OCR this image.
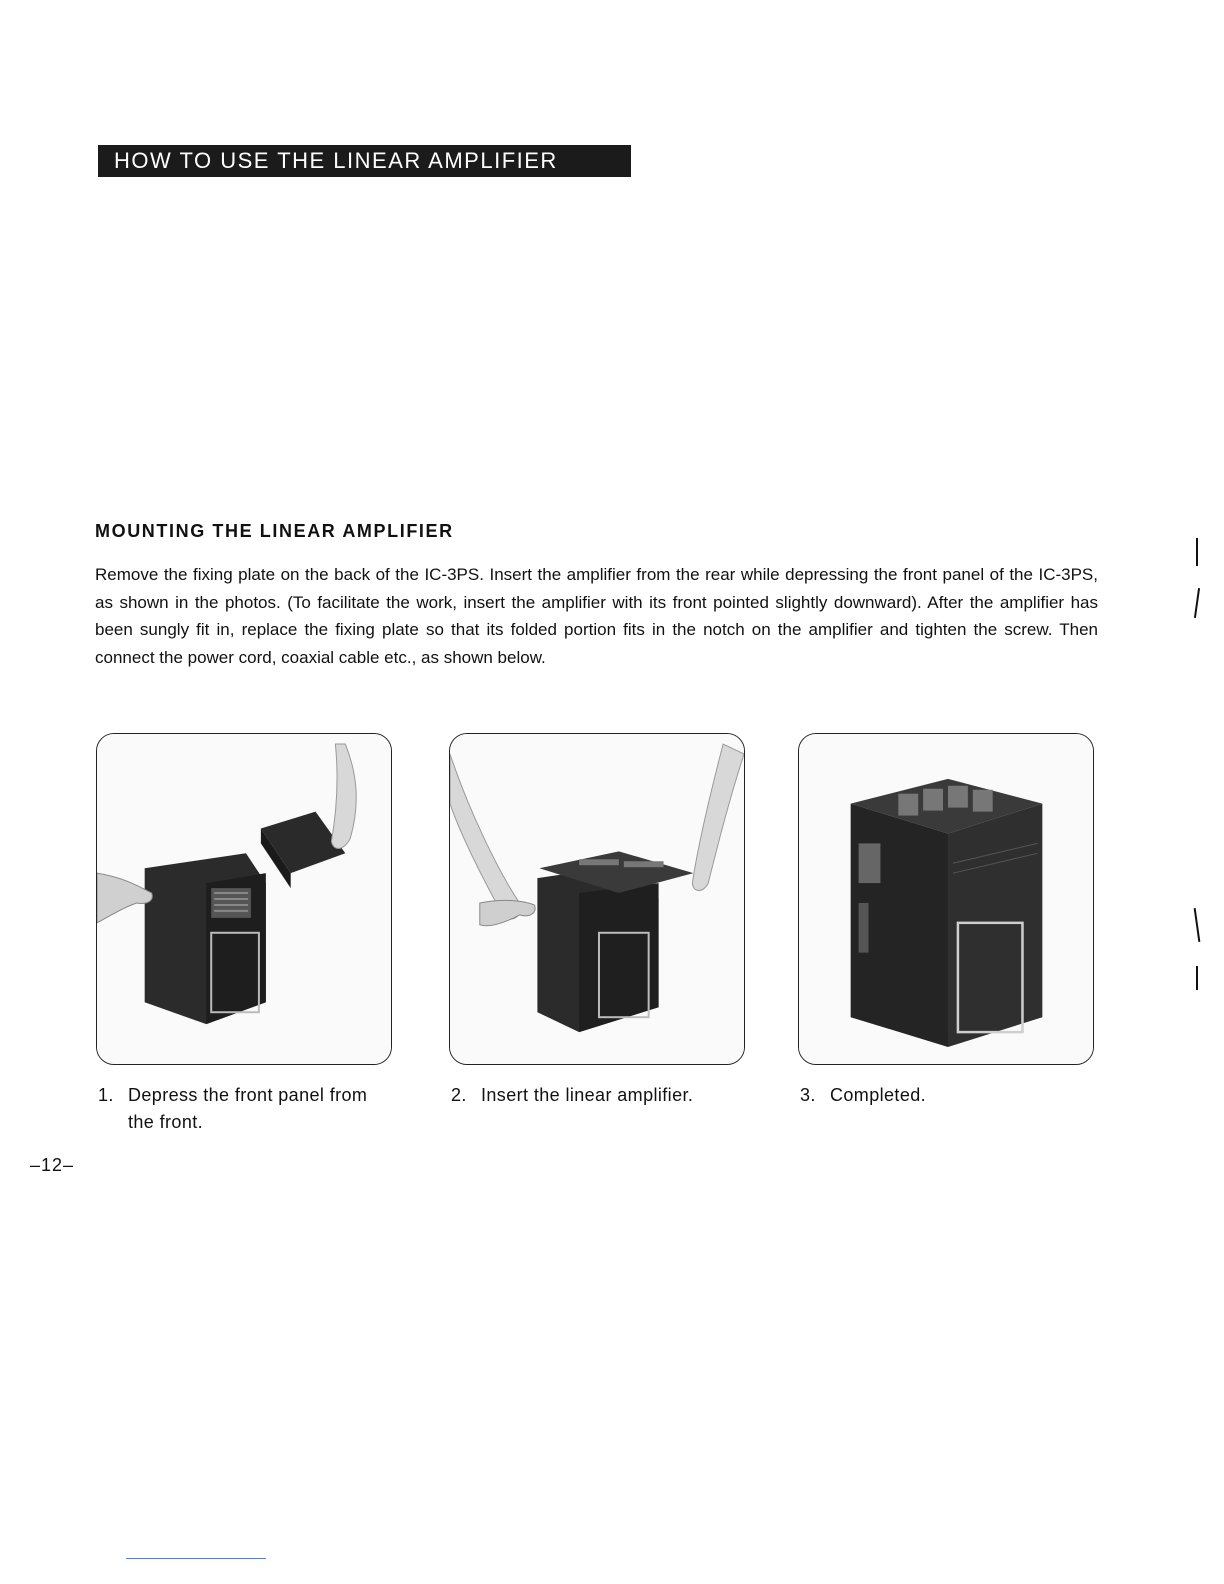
HOW TO USE THE LINEAR AMPLIFIER
MOUNTING THE LINEAR AMPLIFIER

Remove the fixing plate on the back of the IC-3PS. Insert the amplifier from the rear while depressing the front panel of the IC-3PS, as shown in the photos. (To facilitate the work, insert the amplifier with its front pointed slightly downward). After the amplifier has been sungly fit in, replace the fixing plate so that its folded portion fits in the notch on the amplifier and tighten the screw. Then connect the power cord, coaxial cable etc., as shown below.

1. Depress the front panel from
the front.

2. Insert the linear amplifier.	3. Completed.

–12–
